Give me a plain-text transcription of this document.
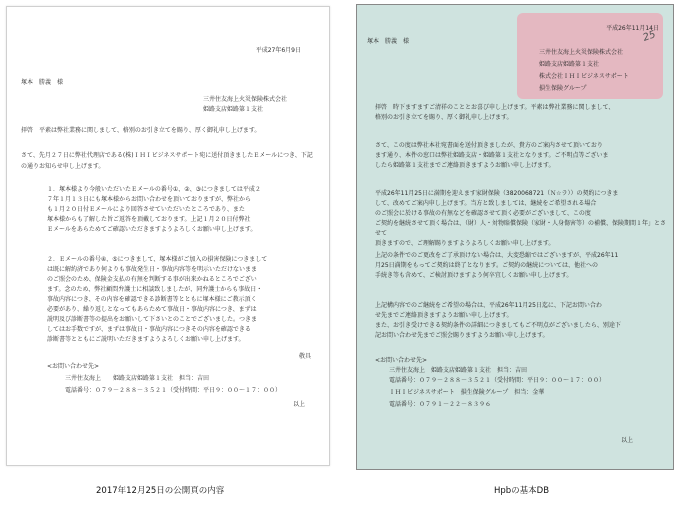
平成27年6月9日
塚本　勝義　様
三井住友海上火災保険株式会社
姫路支店姫路第１支社
拝啓　平素は弊社業務に関しまして、格別のお引き立てを賜り、厚く御礼申し上げます。
さて、先月２７日に弊社代理店である(株)ＩＨＩビジネスサポート宛に送付頂きましたＥメールにつき、下記の通りお知らせ申し上げます。
１．塚本様より今般いただいたＥメールの番号①、②、③につきましては平成２
７年１月１３日にも塚本様からお問い合わせを頂いておりますが、弊社から
も１月２０日付Ｅメールにより回答させていただいたところであり、また
塚本様からも了解した旨ご返答を頂戴しております。上記１月２０日付弊社
Ｅメールをあらためてご確認いただきますようよろしくお願い申し上げます。
２．Ｅメールの番号④、⑤につきまして、塚本様がご加入の損害保険につきまして
は既に解約済であり何よりも事故発生日・事故内容等を明示いただけないまま
のご照会のため、保険金支払の有無を判断する事が出来かねるところでござい
ます。念のため、弊社顧問弁護士に相談致しましたが、同弁護士からも事故日・
事故内容につき、その内容を確認できる診断書等とともに塚本様にご教示頂く
必要があり、繰り返しとなってもあらためて事故日・事故内容につき、まずは
説明及び診断書等の提出をお願いして下さいとのことでございました。つきま
してはお手数ですが、まずは事故日・事故内容につきその内容を確認できる
診断書等とともにご説明いただきますようよろしくお願い申し上げます。
敬具
<お問い合わせ先>
三井住友海上　　姫路支店姫路第１支社　担当：吉田
電話番号：０７９－２８８－３５２１（受付時間：平日９：００～１７：００）
以上
平成26年11月14日
塚本　勝義　様	25
三井住友海上火災保険株式会社
姫路支店姫路第１支社
株式会社ＩＨＩビジネスサポート
損生保険グループ
拝啓　時下ますますご清祥のこととお喜び申し上げます。平素は弊社業務に関しまして、
格別のお引き立てを賜り、厚く御礼申し上げます。
さて、この度は弊社本社宛書面を送付頂きましたが、貴方のご案内させて頂いており
ます通り、本件の窓口は弊社姫路支店・姫路第１支社となります。ご不明点等ございま
したら姫路第１支社までご連絡頂きますようお願い申し上げます。
平成26年11月25日に満期を迎えます家財保険（3820068721（Ｎ☆ラ））の契約につきま
して、改めてご案内申し上げます。当方と致しましては、継続をご希望される場合
のご照会に於ける事故の有無などを確認させて頂く必要がございまして、この度
ご契約を継続させて頂く場合は、（財）人・対物賠償保険（家財・人身傷害等）の補償、保険期間１年」とさせて
頂きますので、ご理解賜りますようよろしくお願い申し上げます。
上記の条件でのご更改をご了承頂けない場合は、大変恐縮ではございますが、平成26年11
月25日満期をもってご契約は終了となります。ご契約の継続については、他社への
手続き等も含めて、ご検討頂けますよう何卒宜しくお願い申し上げます。
上記構内容でのご継続をご希望の場合は、平成26年11月25日迄に、下記お問い合わ
せ先までご連絡頂きますようお願い申し上げます。
また、お引き受けできる契約条件の詳細につきましてもご不明点がございましたら、別途下
記お問い合わせ先までご照会賜りますようお願い申し上げます。
<お問い合わせ先>
三井住友海上　姫路支店姫路第１支社　担当：吉田
電話番号：０７９－２８８－３５２１（受付時間：平日９：００～１７：００）
ＩＨＩビジネスサポート　損生保険グループ　担当：金華
電話番号：０７９１－２２－８３９６
以上
2017年12月25日の公開頁の内容	Hpbの基本DB
